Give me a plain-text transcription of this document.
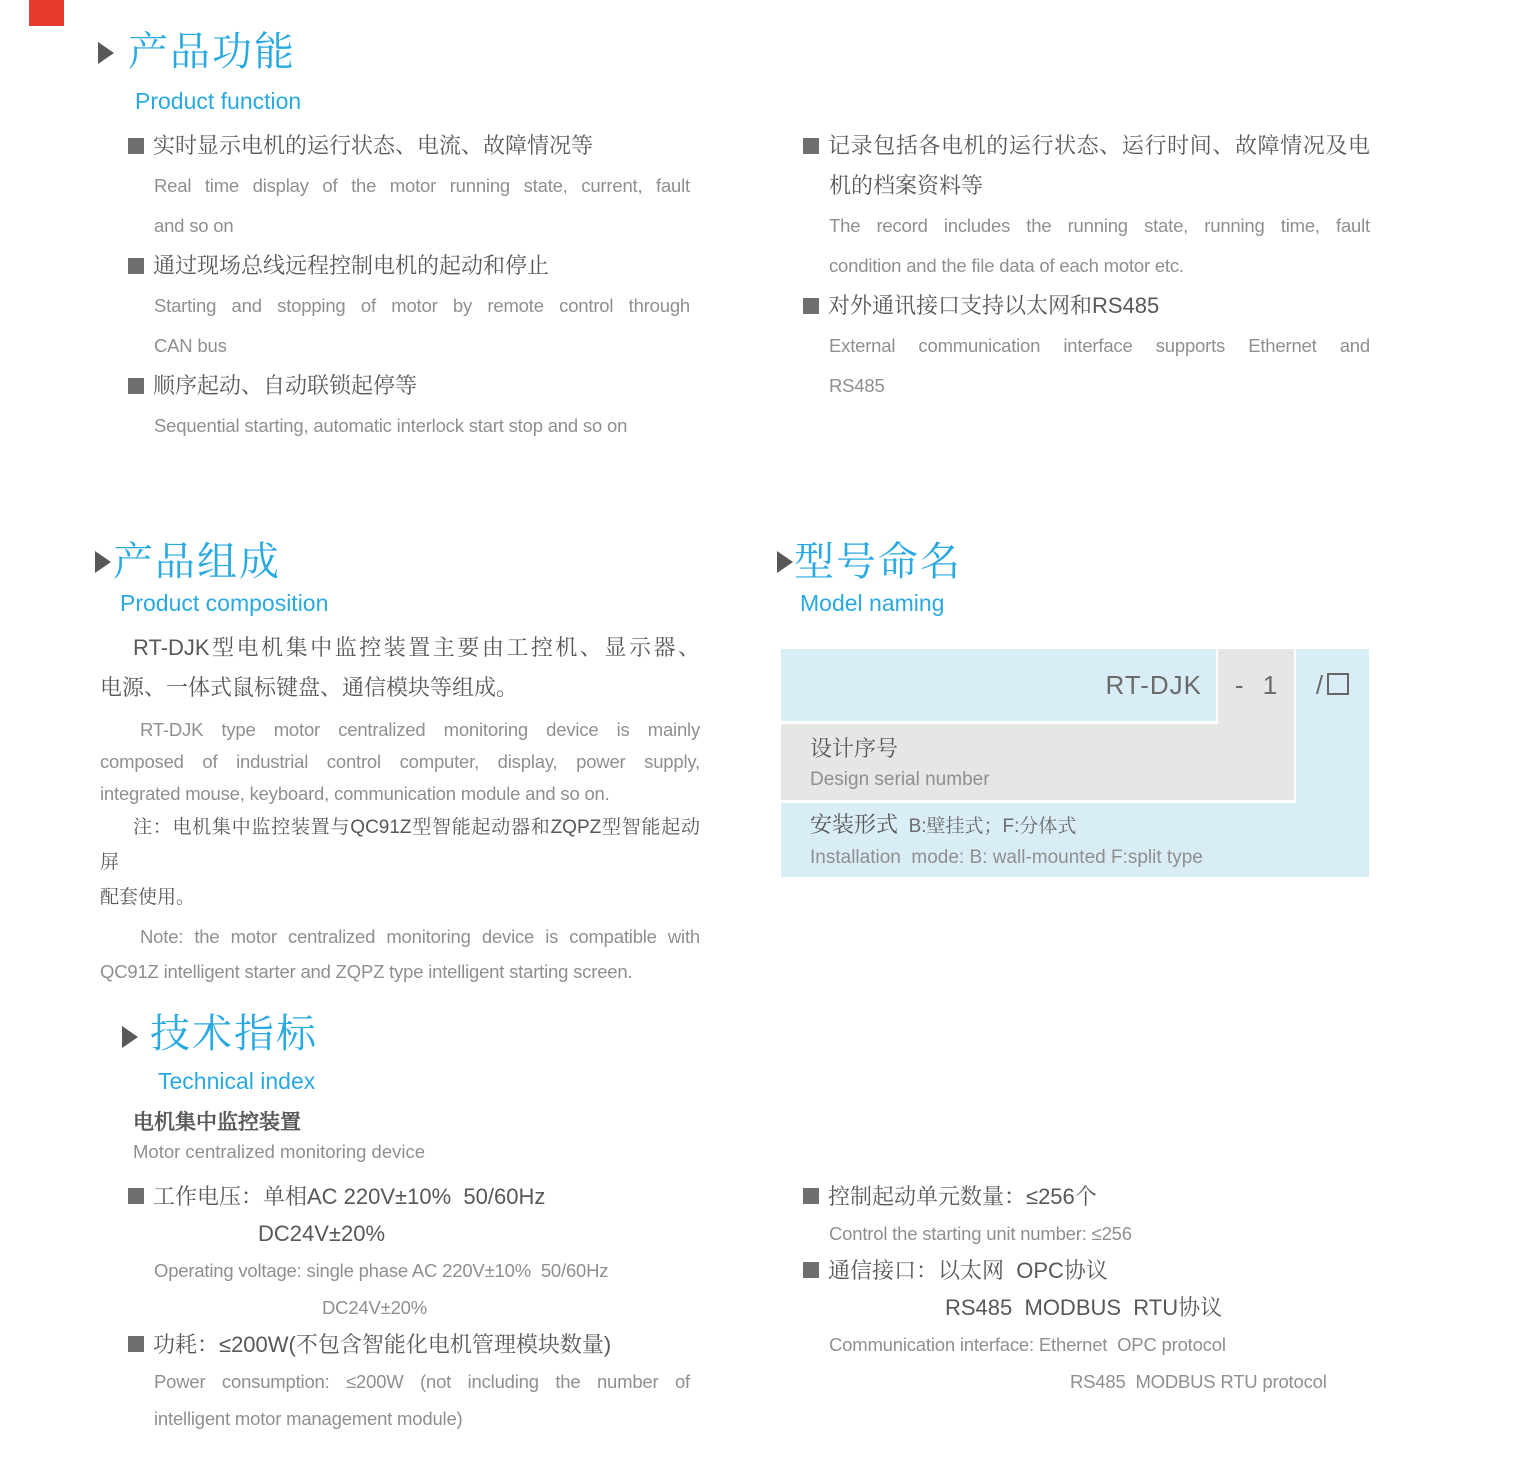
产品功能
Product function
实时显示电机的运行状态、电流、故障情况等
Real time display of the motor running state, current, fault
and so on
通过现场总线远程控制电机的起动和停止
Starting and stopping of motor by remote control through
CAN bus
顺序起动、自动联锁起停等
Sequential starting, automatic interlock start stop and so on
记录包括各电机的运行状态、运行时间、故障情况及电
机的档案资料等
The record includes the running state, running time, fault
condition and the file data of each motor etc.
对外通讯接口支持以太网和RS485
External communication interface supports Ethernet and
RS485
产品组成
Product composition
RT-DJK型电机集中监控装置主要由工控机、显示器、
电源、一体式鼠标键盘、通信模块等组成。
RT-DJK type motor centralized monitoring device is mainly
composed of industrial control computer, display, power supply,
integrated mouse, keyboard, communication module and so on.
注：电机集中监控装置与QC91Z型智能起动器和ZQPZ型智能起动屏
配套使用。
Note: the motor centralized monitoring device is compatible with
QC91Z intelligent starter and ZQPZ type intelligent starting screen.
型号命名
Model naming
RT-DJK	- 1	/
设计序号
Design serial number
安装形式 B:壁挂式；F:分体式
Installation  mode: B: wall-mounted F:split type
技术指标
Technical index
电机集中监控装置
Motor centralized monitoring device
工作电压：单相AC 220V±10%  50/60Hz
DC24V±20%
Operating voltage: single phase AC 220V±10%  50/60Hz
DC24V±20%
功耗：≤200W(不包含智能化电机管理模块数量)
Power consumption: ≤200W (not including the number of
intelligent motor management module)
控制起动单元数量：≤256个
Control the starting unit number: ≤256
通信接口：以太网  OPC协议
RS485  MODBUS  RTU协议
Communication interface: Ethernet  OPC protocol
RS485  MODBUS RTU protocol
